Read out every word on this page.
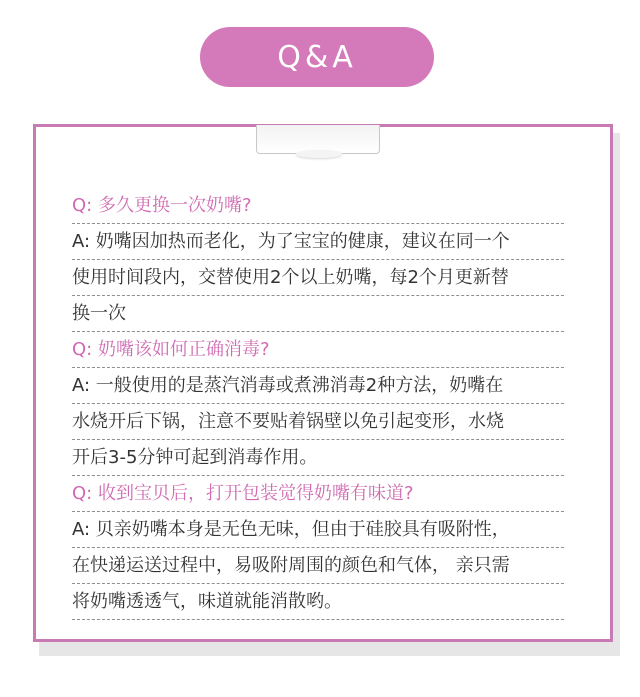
Q&A
Q: 多久更换一次奶嘴?
A: 奶嘴因加热而老化，为了宝宝的健康，建议在同一个
使用时间段内，交替使用2个以上奶嘴，每2个月更新替
换一次
Q: 奶嘴该如何正确消毒?
A: 一般使用的是蒸汽消毒或煮沸消毒2种方法，奶嘴在
水烧开后下锅，注意不要贴着锅壁以免引起变形，水烧
开后3-5分钟可起到消毒作用。
Q: 收到宝贝后，打开包装觉得奶嘴有味道?
A: 贝亲奶嘴本身是无色无味，但由于硅胶具有吸附性，
在快递运送过程中，易吸附周围的颜色和气体， 亲只需
将奶嘴透透气，味道就能消散哟。
